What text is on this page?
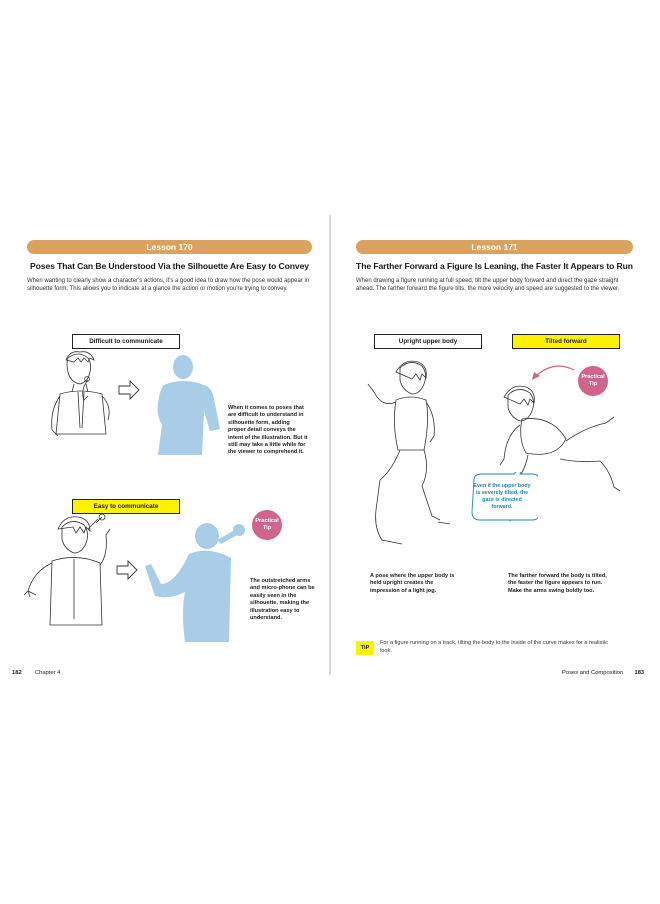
Lesson 170
Poses That Can Be Understood Via the Silhouette Are Easy to Convey
When wanting to clearly show a character's actions, it's a good idea to draw how the pose would appear in silhouette form. This allows you to indicate at a glance the action or motion you're trying to convey.
Difficult to communicate
When it comes to poses that are difficult to understand in silhouette form, adding proper detail conveys the intent of the illustration. But it still may take a little while for the viewer to comprehend it.
Easy to communicate
Practical Tip
The outstretched arms and micro-phone can be easily seen in the silhouette, making the illustration easy to understand.
Lesson 171
The Farther Forward a Figure Is Leaning, the Faster It Appears to Run
When drawing a figure running at full speed, tilt the upper body forward and direct the gaze straight ahead. The farther forward the figure tilts, the more velocity and speed are suggested to the viewer.
Upright upper body	Tilted forward
Practical Tip
Even if the upper body is severely tilted, the gaze is directed forward.
A pose where the upper body is held upright creates the impression of a light jog.
The farther forward the body is tilted, the faster the figure appears to run. Make the arms swing boldly too.
TIP
For a figure running on a track, tilting the body to the inside of the curve makes for a realistic look.
182 Chapter 4	Poses and Composition 183
